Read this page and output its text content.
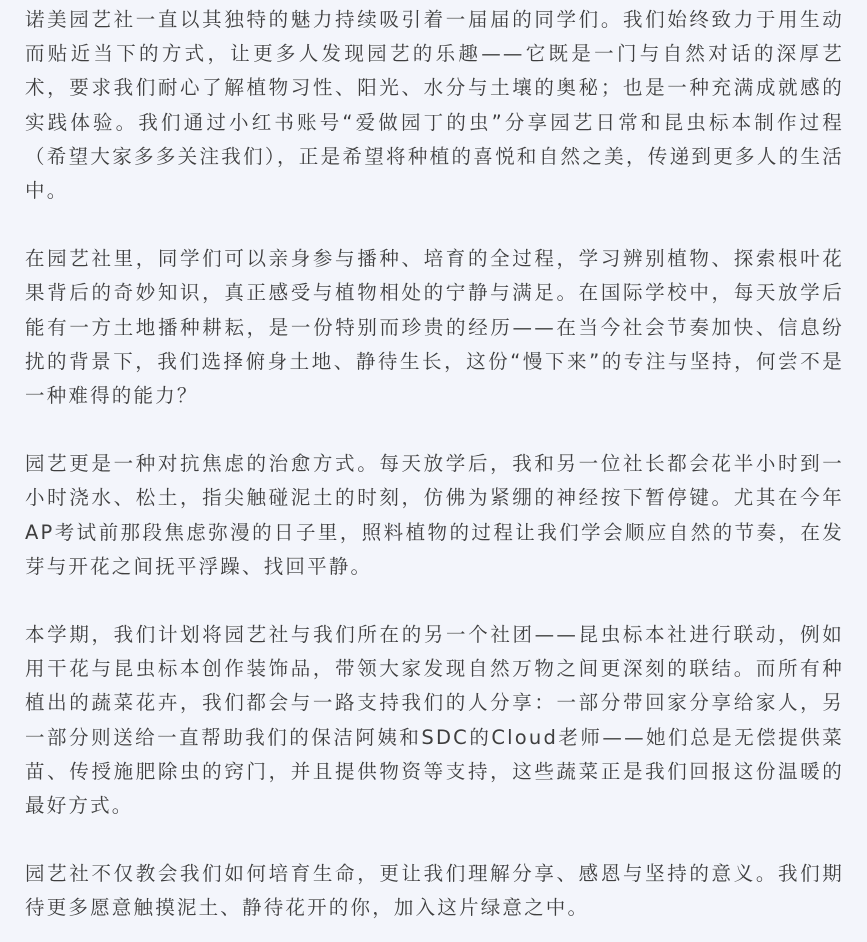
诺美园艺社一直以其独特的魅力持续吸引着一届届的同学们。我们始终致力于用生动而贴近当下的方式，让更多人发现园艺的乐趣——它既是一门与自然对话的深厚艺术，要求我们耐心了解植物习性、阳光、水分与土壤的奥秘；也是一种充满成就感的实践体验。我们通过小红书账号“爱做园丁的虫”分享园艺日常和昆虫标本制作过程（希望大家多多关注我们），正是希望将种植的喜悦和自然之美，传递到更多人的生活中。

在园艺社里，同学们可以亲身参与播种、培育的全过程，学习辨别植物、探索根叶花果背后的奇妙知识，真正感受与植物相处的宁静与满足。在国际学校中，每天放学后能有一方土地播种耕耘，是一份特别而珍贵的经历——在当今社会节奏加快、信息纷扰的背景下，我们选择俯身土地、静待生长，这份“慢下来”的专注与坚持，何尝不是一种难得的能力？

园艺更是一种对抗焦虑的治愈方式。每天放学后，我和另一位社长都会花半小时到一小时浇水、松土，指尖触碰泥土的时刻，仿佛为紧绷的神经按下暂停键。尤其在今年AP考试前那段焦虑弥漫的日子里，照料植物的过程让我们学会顺应自然的节奏，在发芽与开花之间抚平浮躁、找回平静。

本学期，我们计划将园艺社与我们所在的另一个社团——昆虫标本社进行联动，例如用干花与昆虫标本创作装饰品，带领大家发现自然万物之间更深刻的联结。而所有种植出的蔬菜花卉，我们都会与一路支持我们的人分享：一部分带回家分享给家人，另一部分则送给一直帮助我们的保洁阿姨和SDC的Cloud老师——她们总是无偿提供菜苗、传授施肥除虫的窍门，并且提供物资等支持，这些蔬菜正是我们回报这份温暖的最好方式。

园艺社不仅教会我们如何培育生命，更让我们理解分享、感恩与坚持的意义。我们期待更多愿意触摸泥土、静待花开的你，加入这片绿意之中。
